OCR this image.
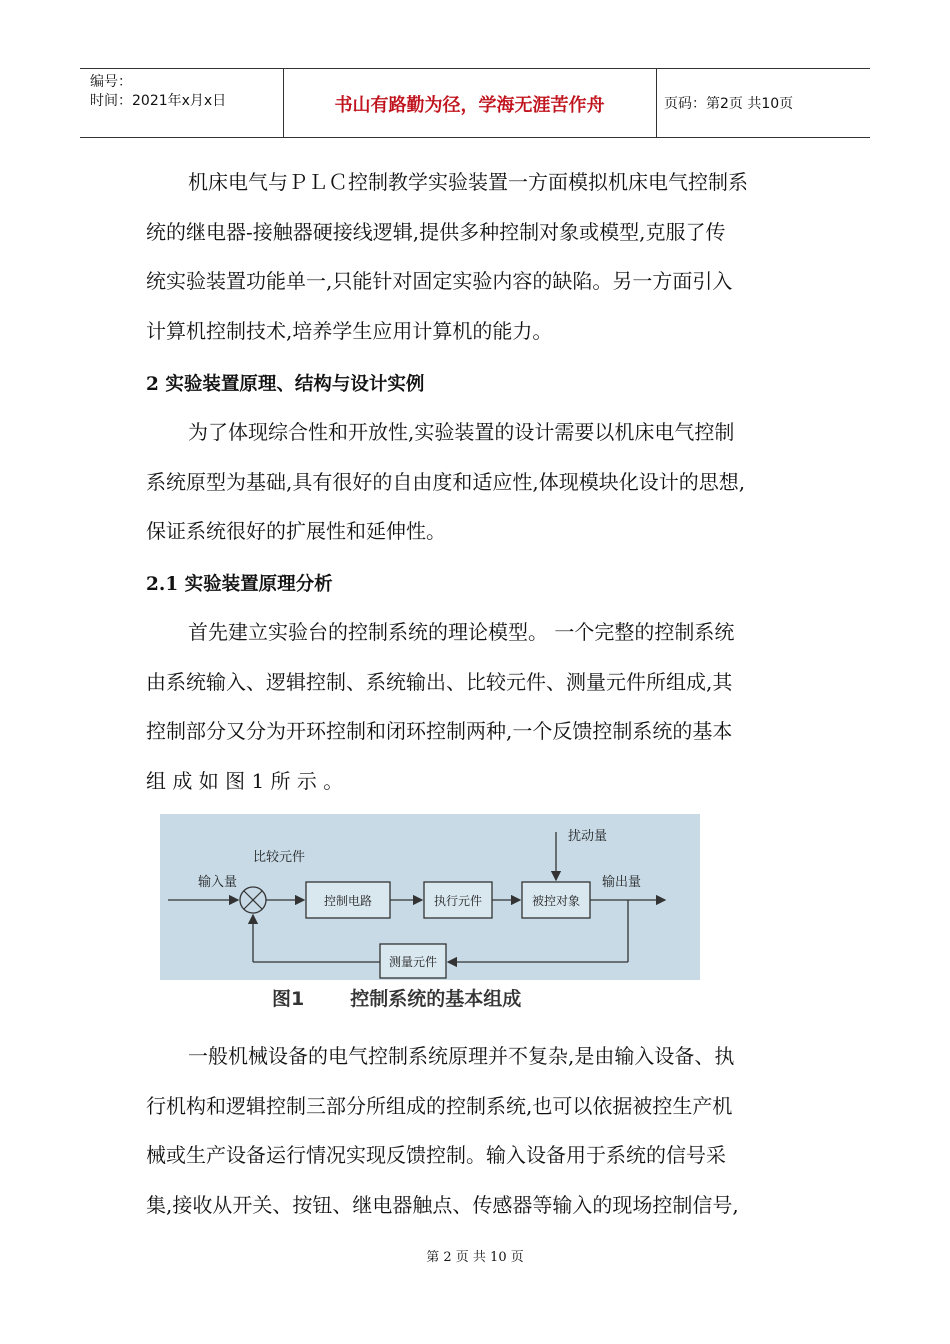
编号：
时间：2021年x月x日	书山有路勤为径，学海无涯苦作舟	页码：第2页 共10页
机床电气与ＰＬＣ控制教学实验装置一方面模拟机床电气控制系
统的继电器-接触器硬接线逻辑,提供多种控制对象或模型,克服了传
统实验装置功能单一,只能针对固定实验内容的缺陷。另一方面引入
计算机控制技术,培养学生应用计算机的能力。
2 实验装置原理、结构与设计实例
为了体现综合性和开放性,实验装置的设计需要以机床电气控制
系统原型为基础,具有很好的自由度和适应性,体现模块化设计的思想,
保证系统很好的扩展性和延伸性。
2.1 实验装置原理分析
首先建立实验台的控制系统的理论模型。 一个完整的控制系统
由系统输入、逻辑控制、系统输出、比较元件、测量元件所组成,其
控制部分又分为开环控制和闭环控制两种,一个反馈控制系统的基本
组 成 如 图 1 所 示 。
输入量
比较元件
控制电路	执行元件	被控对象
扰动量
输出量
测量元件
图1 控制系统的基本组成
一般机械设备的电气控制系统原理并不复杂,是由输入设备、执
行机构和逻辑控制三部分所组成的控制系统,也可以依据被控生产机
械或生产设备运行情况实现反馈控制。输入设备用于系统的信号采
集,接收从开关、按钮、继电器触点、传感器等输入的现场控制信号,
第 2 页 共 10 页
